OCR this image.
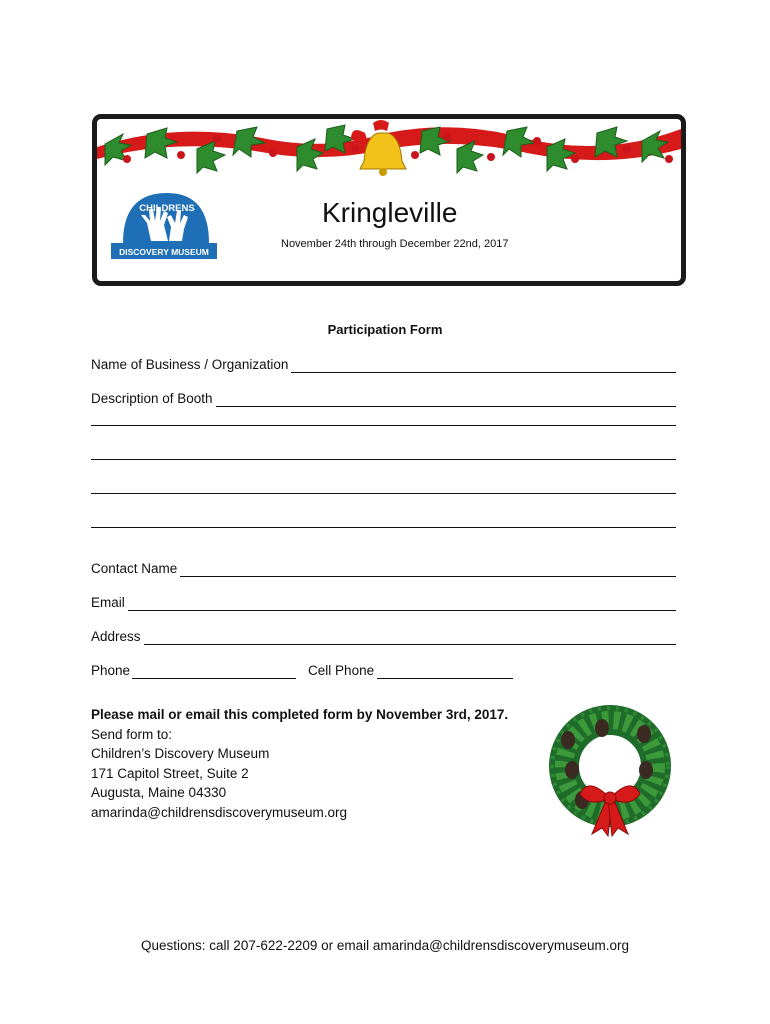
DISCOVERY MUSEUM
CHILDRENS	Kringleville
November 24th through December 22nd, 2017
Participation Form
Name of Business / Organization
Description of Booth
Contact Name
Email
Address
Phone	Cell Phone
Please mail or email this completed form by November 3rd, 2017.
Send form to:
Children’s Discovery Museum
171 Capitol Street, Suite 2
Augusta, Maine 04330
amarinda@childrensdiscoverymuseum.org
Questions: call 207-622-2209 or email amarinda@childrensdiscoverymuseum.org
